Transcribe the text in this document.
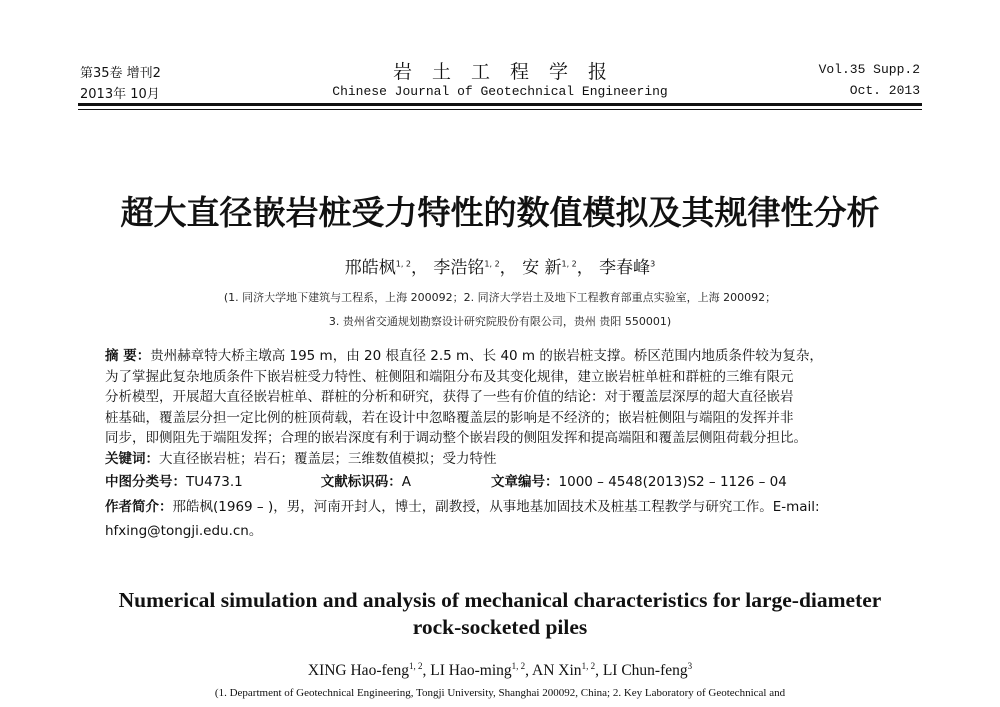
第35卷 增刊2
2013年 10月
岩土工程学报
Chinese Journal of Geotechnical Engineering
Vol.35 Supp.2
Oct. 2013
超大直径嵌岩桩受力特性的数值模拟及其规律性分析
邢皓枫$^{1, 2}$， 李浩铭$^{1, 2}$， 安 新$^{1, 2}$， 李春峰$^3$
(1. 同济大学地下建筑与工程系，上海 200092；2. 同济大学岩土及地下工程教育部重点实验室，上海 200092；
3. 贵州省交通规划勘察设计研究院股份有限公司，贵州 贵阳 550001)
摘 要：贵州赫章特大桥主墩高 195 m，由 20 根直径 2.5 m、长 40 m 的嵌岩桩支撑。桥区范围内地质条件较为复杂，
为了掌握此复杂地质条件下嵌岩桩受力特性、桩侧阻和端阻分布及其变化规律，建立嵌岩桩单桩和群桩的三维有限元
分析模型，开展超大直径嵌岩桩单、群桩的分析和研究，获得了一些有价值的结论：对于覆盖层深厚的超大直径嵌岩
桩基础，覆盖层分担一定比例的桩顶荷载，若在设计中忽略覆盖层的影响是不经济的；嵌岩桩侧阻与端阻的发挥并非
同步，即侧阻先于端阻发挥；合理的嵌岩深度有利于调动整个嵌岩段的侧阻发挥和提高端阻和覆盖层侧阻荷载分担比。
关键词：大直径嵌岩桩；岩石；覆盖层；三维数值模拟；受力特性
中图分类号：TU473.1	文献标识码：A	文章编号：1000 – 4548(2013)S2 – 1126 – 04
作者简介：邢皓枫(1969 – )，男，河南开封人，博士，副教授，从事地基加固技术及桩基工程教学与研究工作。E-mail:
hfxing@tongji.edu.cn。
Numerical simulation and analysis of mechanical characteristics for large-diameter
rock-socketed piles
XING Hao-feng$^{1, 2}$, LI Hao-ming$^{1, 2}$, AN Xin$^{1, 2}$, LI Chun-feng$^3$
(1. Department of Geotechnical Engineering, Tongji University, Shanghai 200092, China; 2. Key Laboratory of Geotechnical and
